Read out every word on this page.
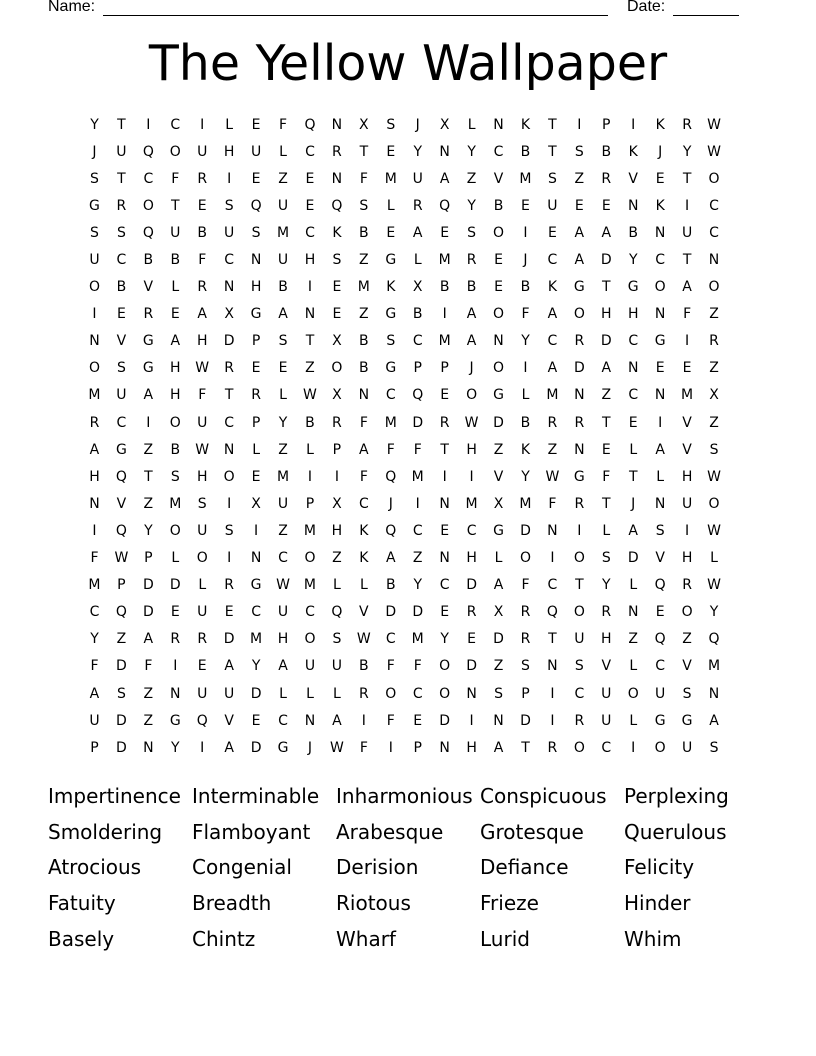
Name:	Date:
The Yellow Wallpaper
Y	T	I	C	I	L	E	F	Q	N	X	S	J	X	L	N	K	T	I	P	I	K	R	W
J	U	Q	O	U	H	U	L	C	R	T	E	Y	N	Y	C	B	T	S	B	K	J	Y	W
S	T	C	F	R	I	E	Z	E	N	F	M	U	A	Z	V	M	S	Z	R	V	E	T	O
G	R	O	T	E	S	Q	U	E	Q	S	L	R	Q	Y	B	E	U	E	E	N	K	I	C
S	S	Q	U	B	U	S	M	C	K	B	E	A	E	S	O	I	E	A	A	B	N	U	C
U	C	B	B	F	C	N	U	H	S	Z	G	L	M	R	E	J	C	A	D	Y	C	T	N
O	B	V	L	R	N	H	B	I	E	M	K	X	B	B	E	B	K	G	T	G	O	A	O
I	E	R	E	A	X	G	A	N	E	Z	G	B	I	A	O	F	A	O	H	H	N	F	Z
N	V	G	A	H	D	P	S	T	X	B	S	C	M	A	N	Y	C	R	D	C	G	I	R
O	S	G	H	W	R	E	E	Z	O	B	G	P	P	J	O	I	A	D	A	N	E	E	Z
M	U	A	H	F	T	R	L	W	X	N	C	Q	E	O	G	L	M	N	Z	C	N	M	X
R	C	I	O	U	C	P	Y	B	R	F	M	D	R	W	D	B	R	R	T	E	I	V	Z
A	G	Z	B	W	N	L	Z	L	P	A	F	F	T	H	Z	K	Z	N	E	L	A	V	S
H	Q	T	S	H	O	E	M	I	I	F	Q	M	I	I	V	Y	W	G	F	T	L	H	W
N	V	Z	M	S	I	X	U	P	X	C	J	I	N	M	X	M	F	R	T	J	N	U	O
I	Q	Y	O	U	S	I	Z	M	H	K	Q	C	E	C	G	D	N	I	L	A	S	I	W
F	W	P	L	O	I	N	C	O	Z	K	A	Z	N	H	L	O	I	O	S	D	V	H	L
M	P	D	D	L	R	G	W M	L	L	B	Y	C	D	A	F	C	T	Y	L	Q	R	W
C	Q	D	E	U	E	C	U	C	Q	V	D	D	E	R	X	R	Q	O	R	N	E	O	Y
Y	Z	A	R	R	D	M	H	O	S	W	C	M	Y	E	D	R	T	U	H	Z	Q	Z	Q
F	D	F	I	E	A	Y	A	U	U	B	F	F	O	D	Z	S	N	S	V	L	C	V	M
A	S	Z	N	U	U	D	L	L	L	R	O	C	O	N	S	P	I	C	U	O	U	S	N
U	D	Z	G	Q	V	E	C	N	A	I	F	E	D	I	N	D	I	R	U	L	G	G	A
P	D	N	Y	I	A	D	G	J	W	F	I	P	N	H	A	T	R	O	C	I	O	U	S
Impertinence Interminable Inharmonious Conspicuous Perplexing
Smoldering	Flamboyant	Arabesque	Grotesque	Querulous
Atrocious	Congenial	Derision	Defiance	Felicity
Fatuity	Breadth	Riotous	Frieze	Hinder
Basely	Chintz	Wharf	Lurid	Whim
